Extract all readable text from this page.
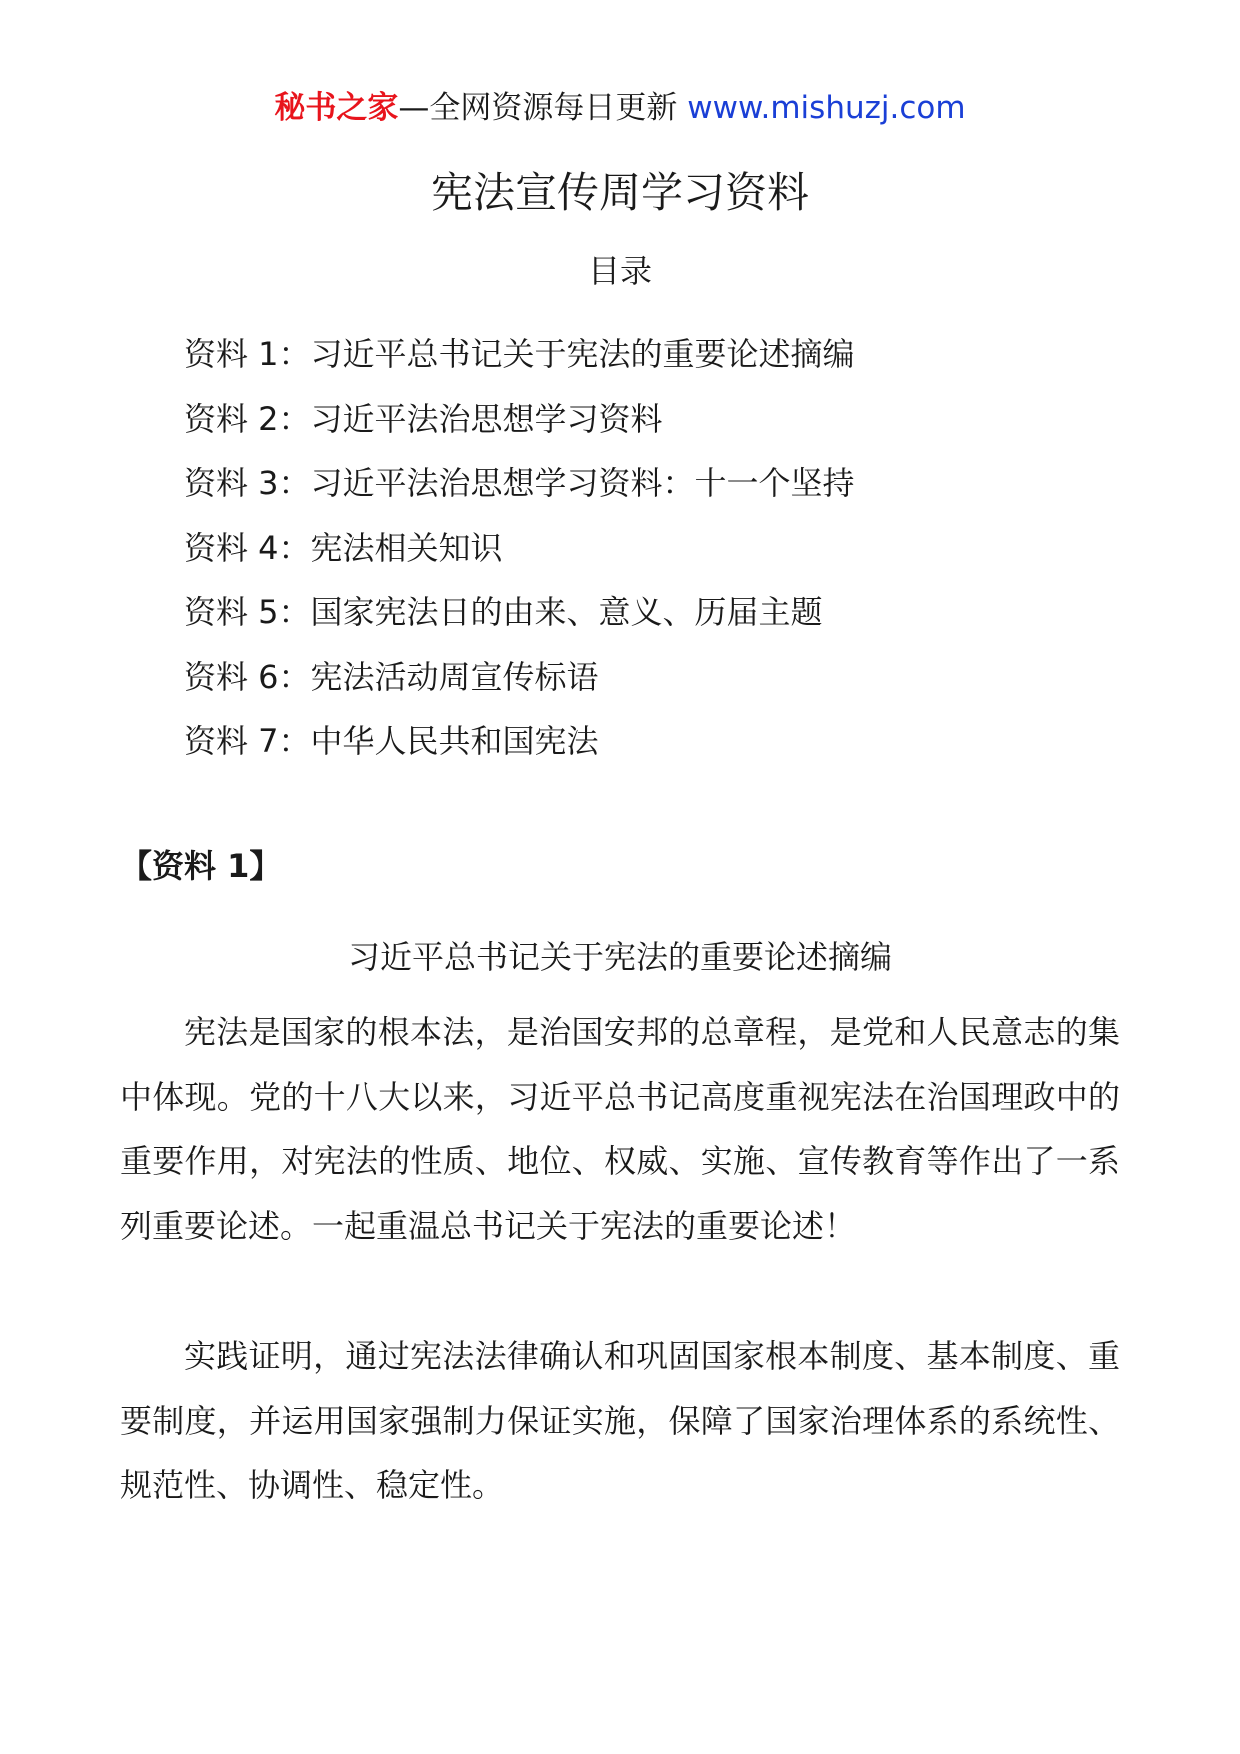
秘书之家—全网资源每日更新 www.mishuzj.com
宪法宣传周学习资料
目录
资料 1：习近平总书记关于宪法的重要论述摘编
资料 2：习近平法治思想学习资料
资料 3：习近平法治思想学习资料：十一个坚持
资料 4：宪法相关知识
资料 5：国家宪法日的由来、意义、历届主题
资料 6：宪法活动周宣传标语
资料 7：中华人民共和国宪法
【资料 1】
习近平总书记关于宪法的重要论述摘编

宪法是国家的根本法，是治国安邦的总章程，是党和人民意志的集中体现。党的十八大以来，习近平总书记高度重视宪法在治国理政中的重要作用，对宪法的性质、地位、权威、实施、宣传教育等作出了一系列重要论述。一起重温总书记关于宪法的重要论述！

实践证明，通过宪法法律确认和巩固国家根本制度、基本制度、重要制度，并运用国家强制力保证实施，保障了国家治理体系的系统性、规范性、协调性、稳定性。
